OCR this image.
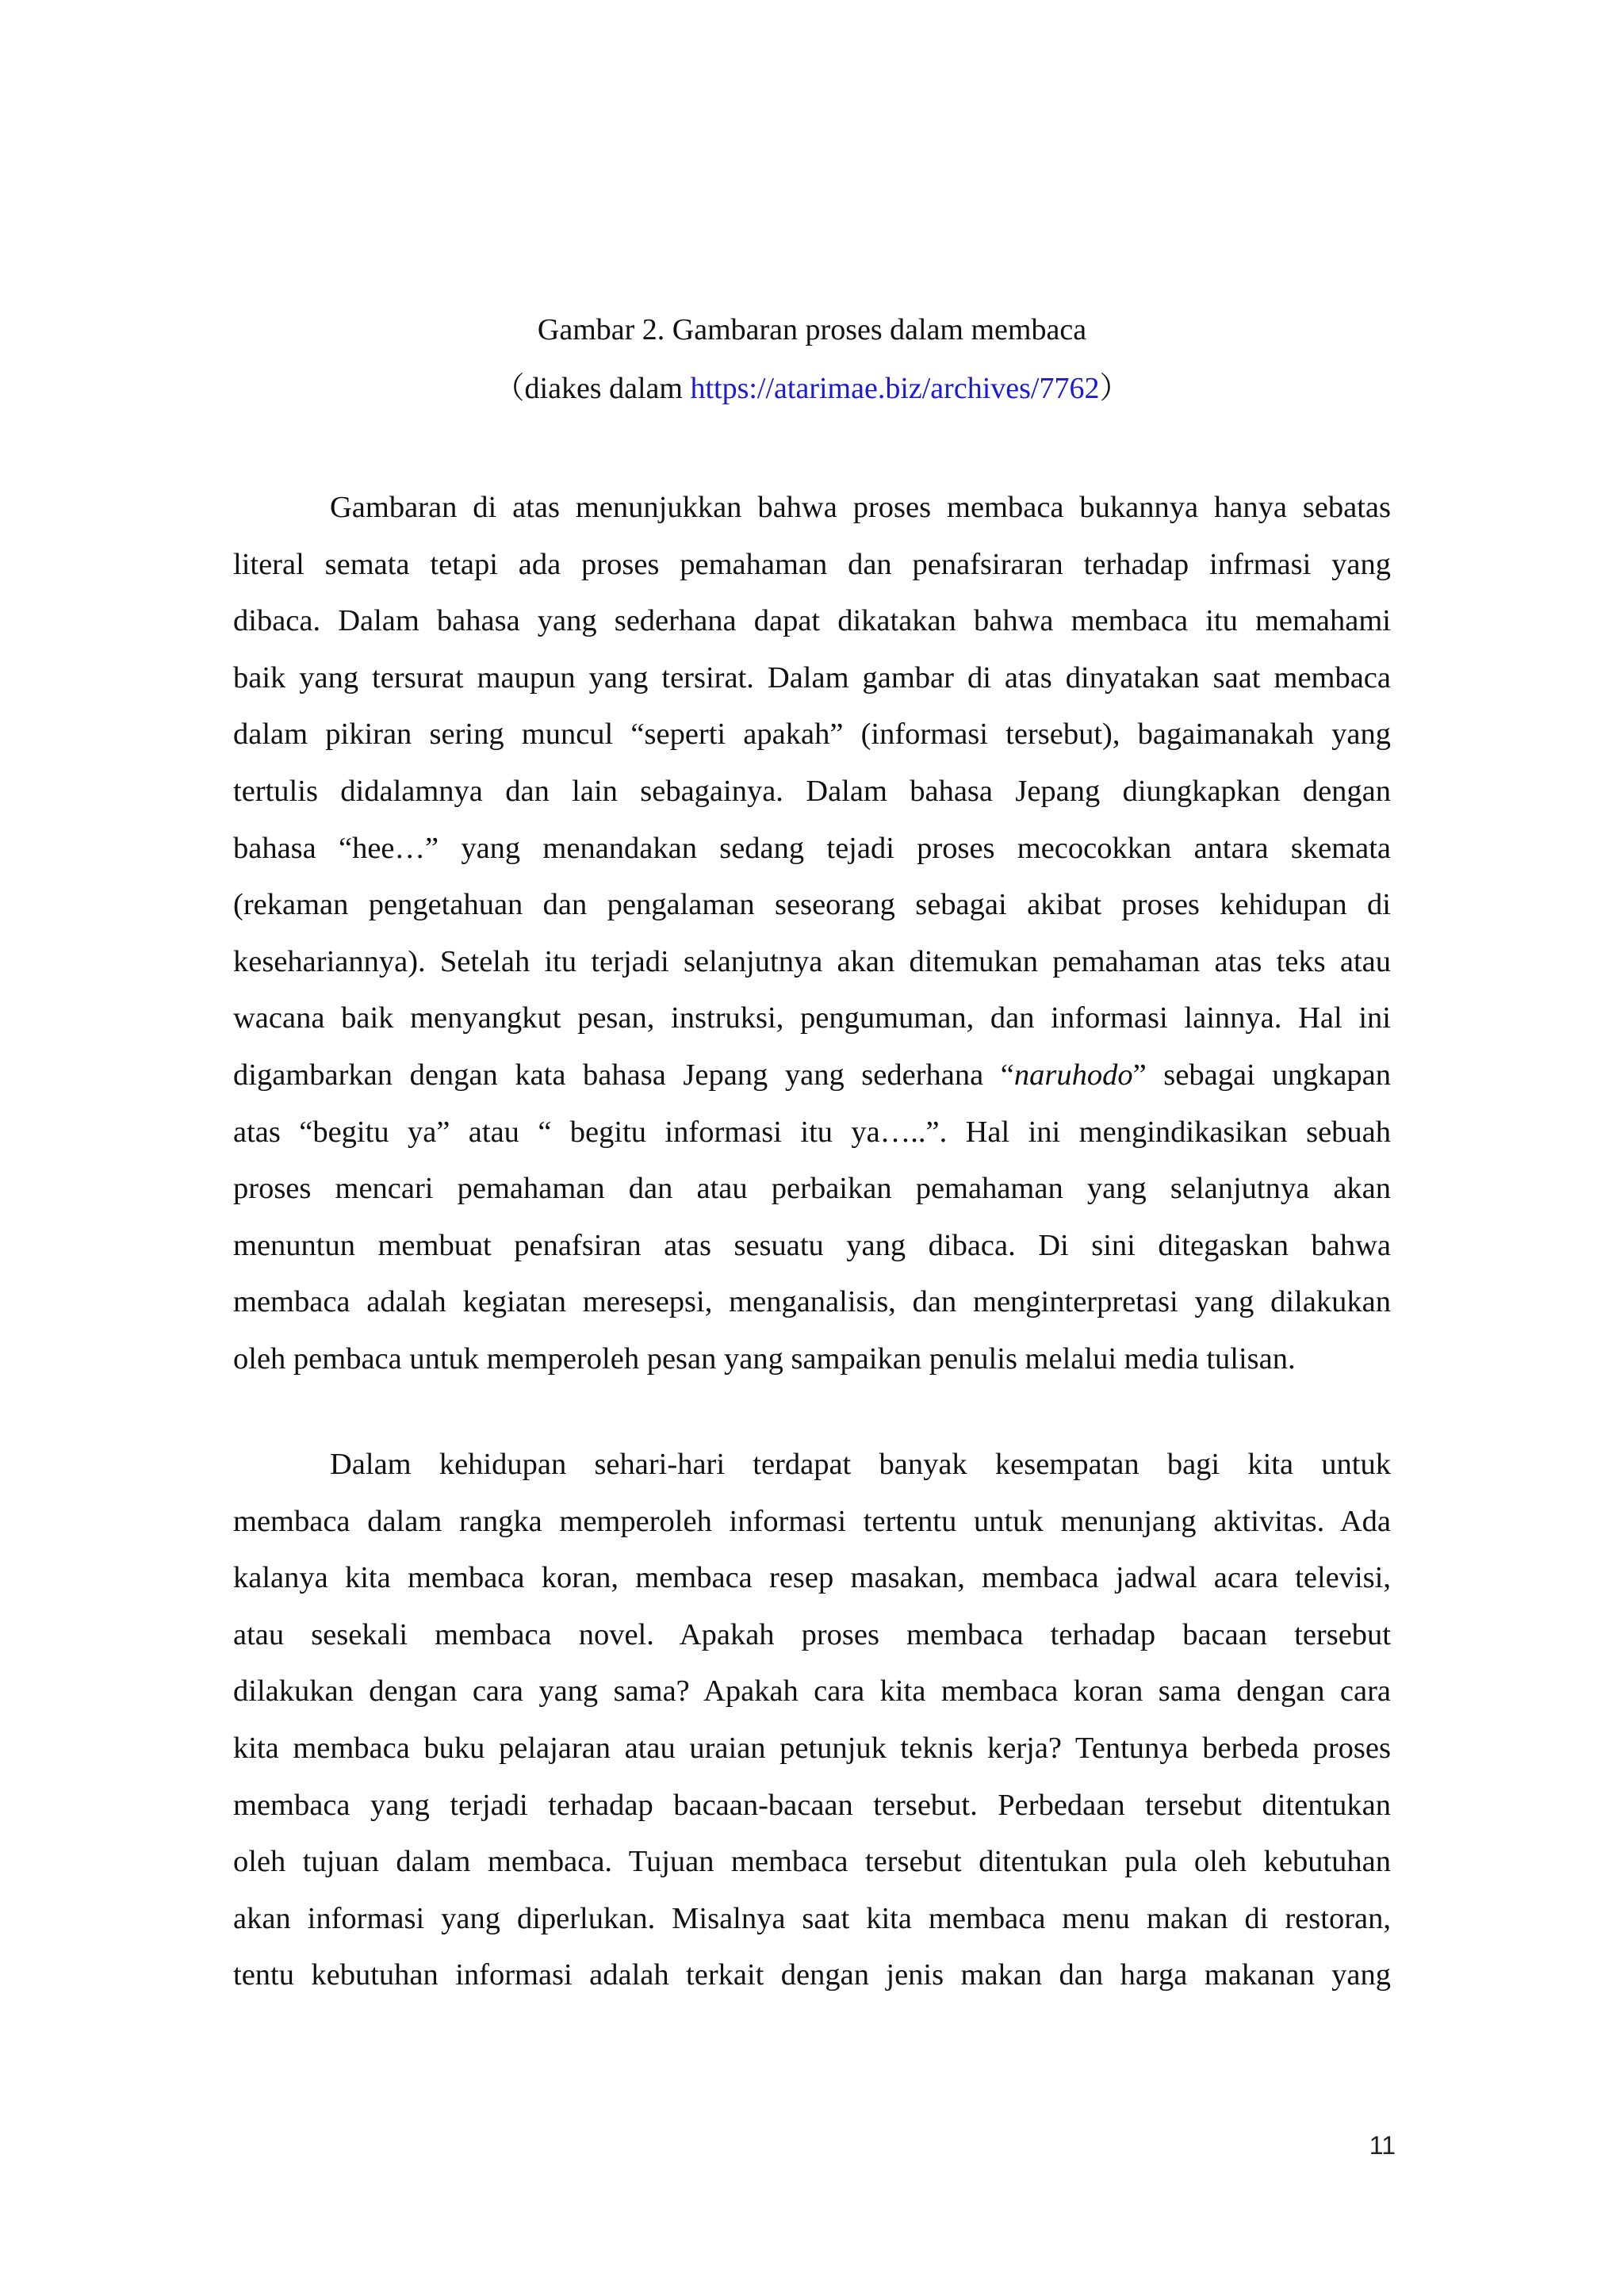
Gambar 2. Gambaran proses dalam membaca
（diakes dalam https://atarimae.biz/archives/7762）
Gambaran di atas menunjukkan bahwa proses membaca bukannya hanya sebatas
literal semata tetapi ada proses pemahaman dan penafsiraran terhadap infrmasi yang
dibaca. Dalam bahasa yang sederhana dapat dikatakan bahwa membaca itu memahami
baik yang tersurat maupun yang tersirat. Dalam gambar di atas dinyatakan saat membaca
dalam pikiran sering muncul “seperti apakah” (informasi tersebut), bagaimanakah yang
tertulis didalamnya dan lain sebagainya. Dalam bahasa Jepang diungkapkan dengan
bahasa “hee…” yang menandakan sedang tejadi proses mecocokkan antara skemata
(rekaman pengetahuan dan pengalaman seseorang sebagai akibat proses kehidupan di
kesehariannya). Setelah itu terjadi selanjutnya akan ditemukan pemahaman atas teks atau
wacana baik menyangkut pesan, instruksi, pengumuman, dan informasi lainnya. Hal ini
digambarkan dengan kata bahasa Jepang yang sederhana “naruhodo” sebagai ungkapan
atas “begitu ya” atau “ begitu informasi itu ya…..”. Hal ini mengindikasikan sebuah
proses mencari pemahaman dan atau perbaikan pemahaman yang selanjutnya akan
menuntun membuat penafsiran atas sesuatu yang dibaca. Di sini ditegaskan bahwa
membaca adalah kegiatan meresepsi, menganalisis, dan menginterpretasi yang dilakukan
oleh pembaca untuk memperoleh pesan yang sampaikan penulis melalui media tulisan.
Dalam kehidupan sehari-hari terdapat banyak kesempatan bagi kita untuk
membaca dalam rangka memperoleh informasi tertentu untuk menunjang aktivitas. Ada
kalanya kita membaca koran, membaca resep masakan, membaca jadwal acara televisi,
atau sesekali membaca novel. Apakah proses membaca terhadap bacaan tersebut
dilakukan dengan cara yang sama? Apakah cara kita membaca koran sama dengan cara
kita membaca buku pelajaran atau uraian petunjuk teknis kerja? Tentunya berbeda proses
membaca yang terjadi terhadap bacaan-bacaan tersebut. Perbedaan tersebut ditentukan
oleh tujuan dalam membaca. Tujuan membaca tersebut ditentukan pula oleh kebutuhan
akan informasi yang diperlukan. Misalnya saat kita membaca menu makan di restoran,
tentu kebutuhan informasi adalah terkait dengan jenis makan dan harga makanan yang
11
